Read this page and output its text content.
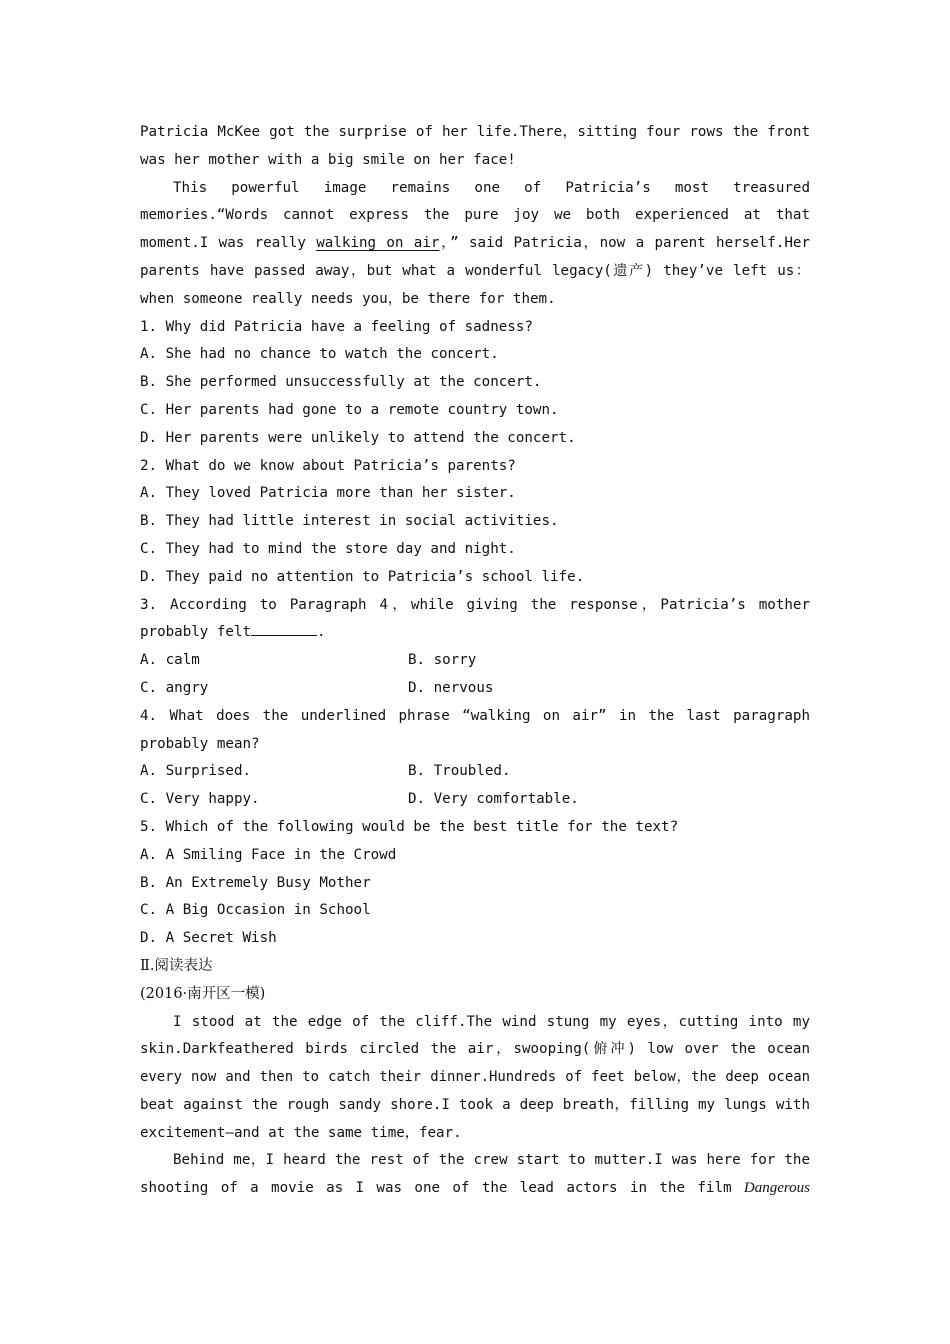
Patricia McKee got the surprise of her life.There，sitting four rows the front
was her mother with a big smile on her face!
This powerful image remains one of Patricia’s most treasured
memories.“Words cannot express the pure joy we both experienced at that
moment.I was really walking on air，” said Patricia，now a parent herself.Her
parents have passed away，but what a wonderful legacy(遗产) they’ve left us：
when someone really needs you，be there for them.
1. Why did Patricia have a feeling of sadness?
A. She had no chance to watch the concert.
B. She performed unsuccessfully at the concert.
C. Her parents had gone to a remote country town.
D. Her parents were unlikely to attend the concert.
2. What do we know about Patricia’s parents?
A. They loved Patricia more than her sister.
B. They had little interest in social activities.
C. They had to mind the store day and night.
D. They paid no attention to Patricia’s school life.
3. According to Paragraph 4，while giving the response，Patricia’s mother
probably felt	.
A. calm	B. sorry
C. angry	D. nervous
4. What does the underlined phrase “walking on air” in the last paragraph
probably mean?
A. Surprised.	B. Troubled.
C. Very happy.	D. Very comfortable.
5. Which of the following would be the best title for the text?
A. A Smiling Face in the Crowd
B. An Extremely Busy Mother
C. A Big Occasion in School
D. A Secret Wish
Ⅱ.阅读表达
(2016·南开区一模)
I stood at the edge of the cliff.The wind stung my eyes，cutting into my
skin.Darkfeathered birds circled the air，swooping(俯冲) low over the ocean
every now and then to catch their dinner.Hundreds of feet below，the deep ocean
beat against the rough sandy shore.I took a deep breath，filling my lungs with
excitement—and at the same time，fear.
Behind me，I heard the rest of the crew start to mutter.I was here for the
shooting of a movie as I was one of the lead actors in the film Dangerous
